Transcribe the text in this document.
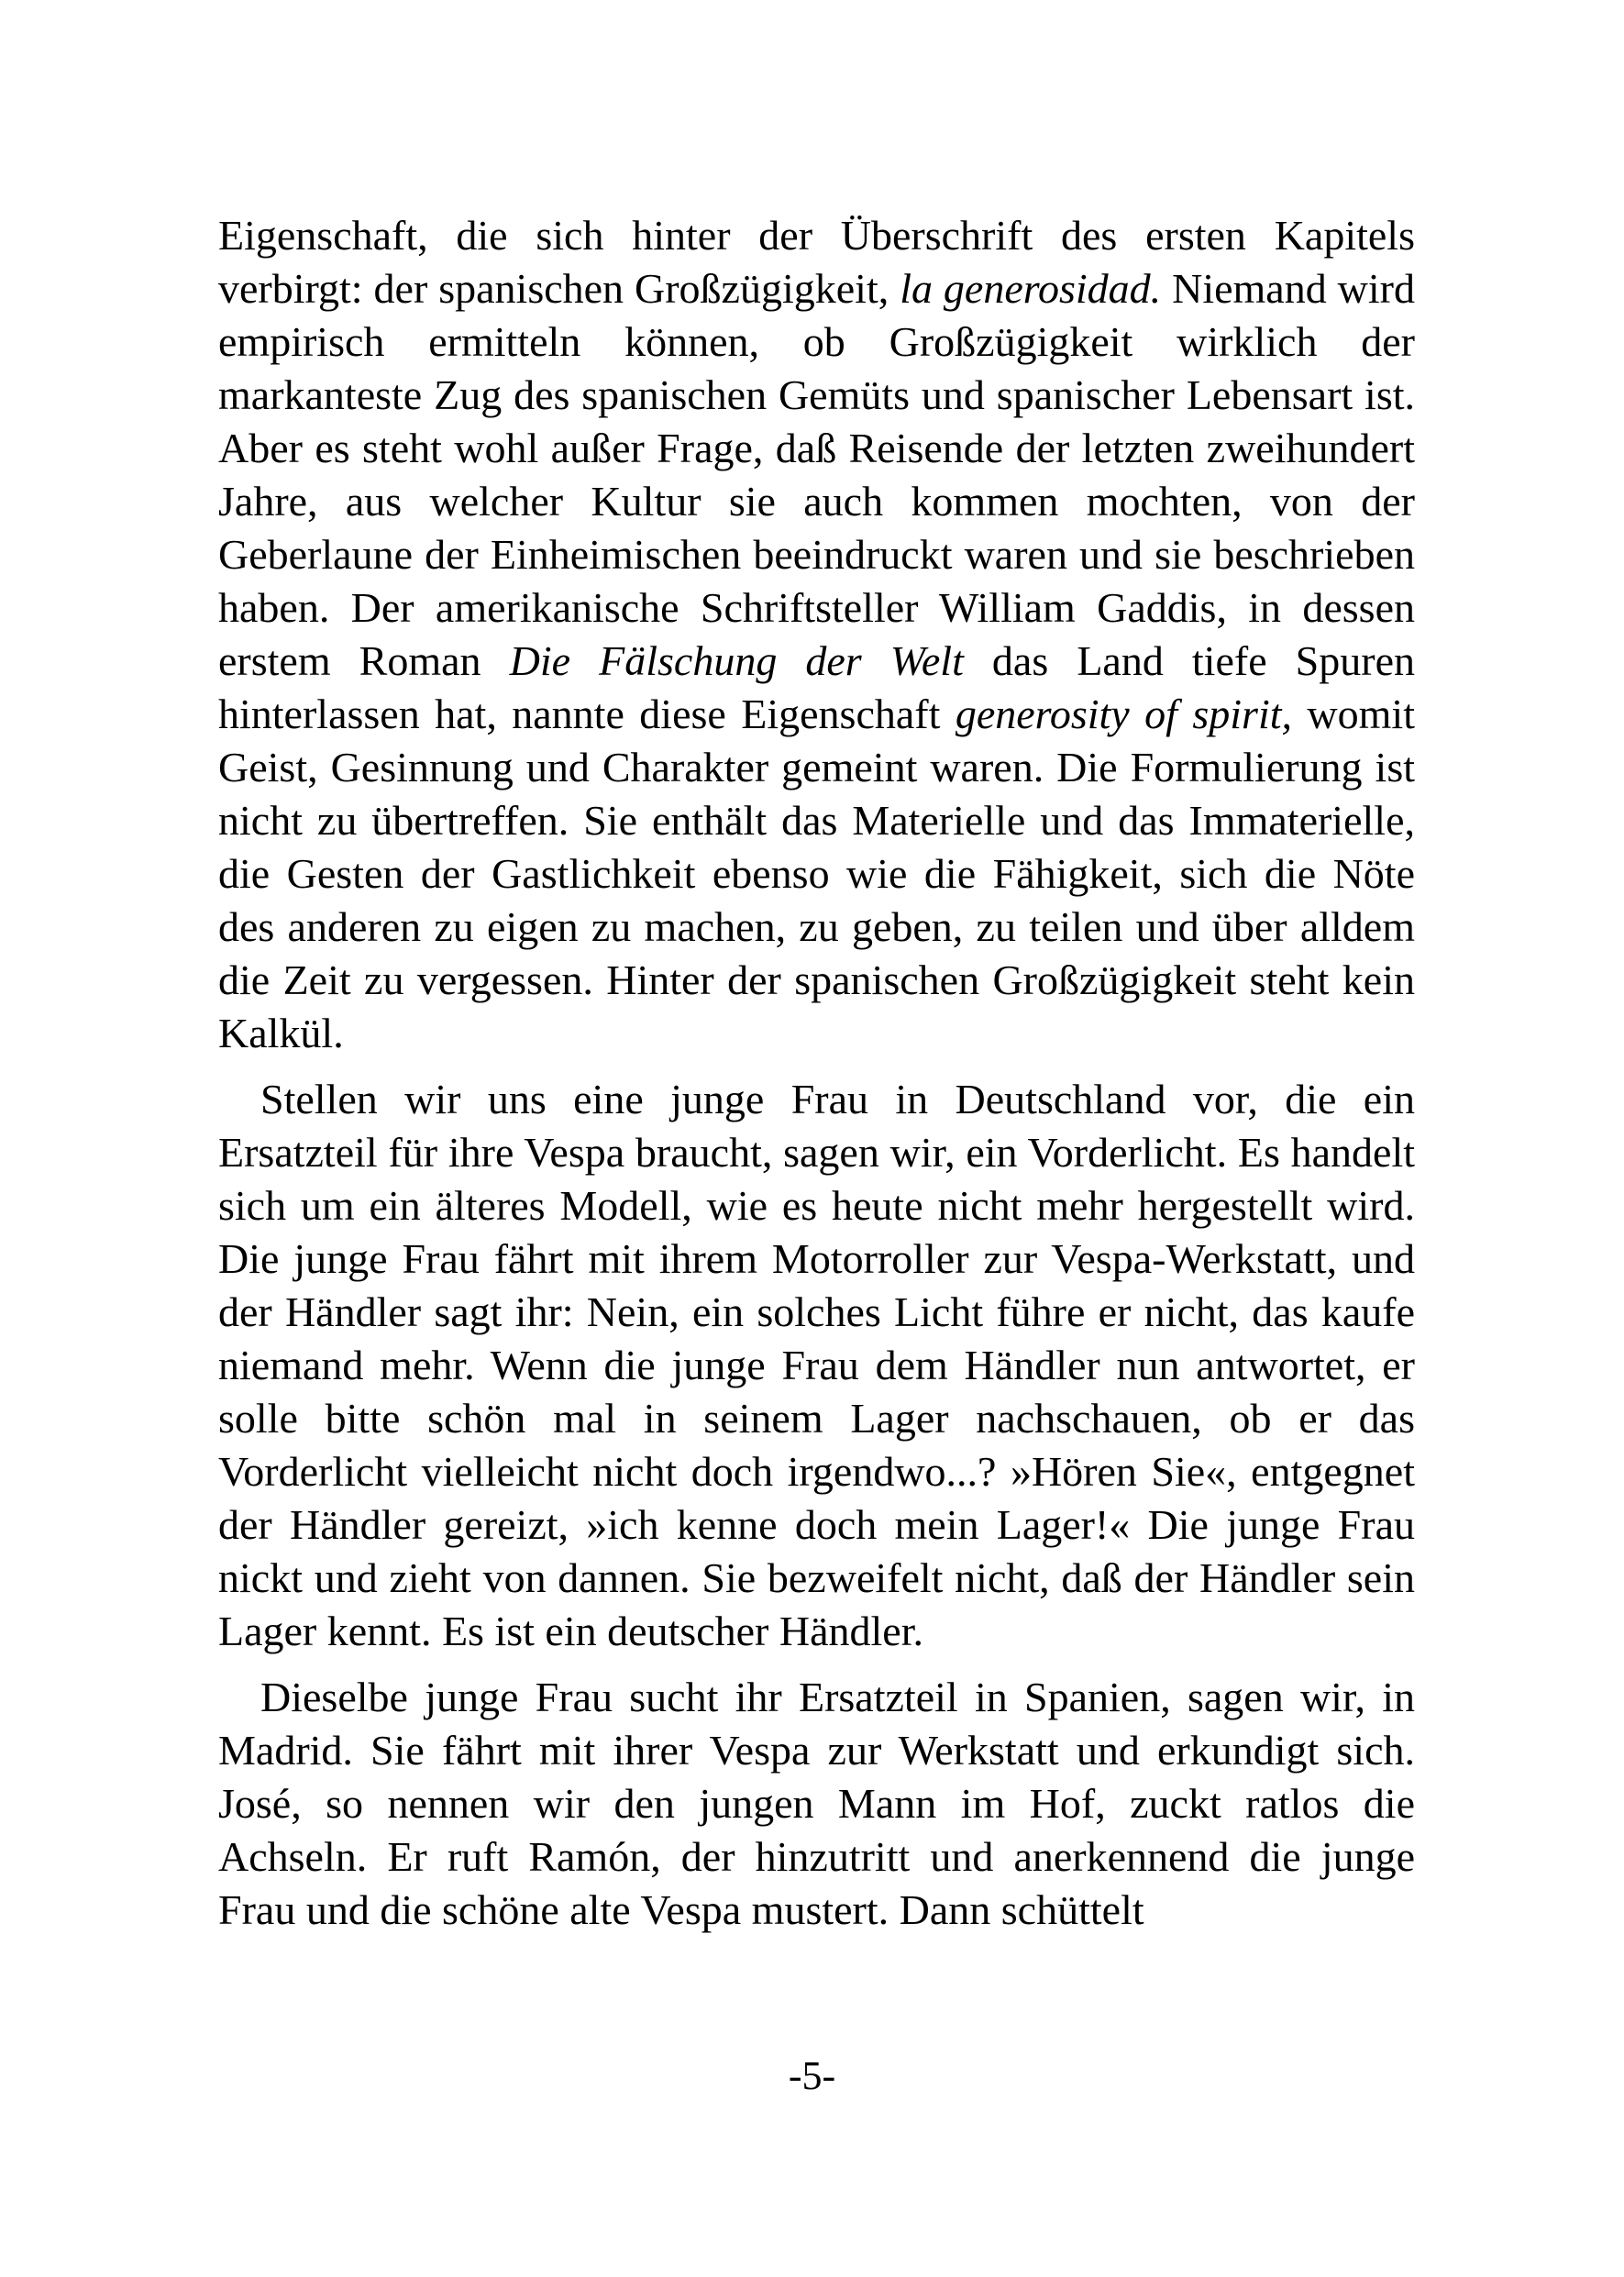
Eigenschaft, die sich hinter der Überschrift des ersten Kapitels verbirgt: der spanischen Großzügigkeit, la generosidad. Niemand wird empirisch ermitteln können, ob Großzügigkeit wirklich der markanteste Zug des spanischen Gemüts und spanischer Lebensart ist. Aber es steht wohl außer Frage, daß Reisende der letzten zweihundert Jahre, aus welcher Kultur sie auch kommen mochten, von der Geberlaune der Einheimischen beeindruckt waren und sie beschrieben haben. Der amerikanische Schriftsteller William Gaddis, in dessen erstem Roman Die Fälschung der Welt das Land tiefe Spuren hinterlassen hat, nannte diese Eigenschaft generosity of spirit, womit Geist, Gesinnung und Charakter gemeint waren. Die Formulierung ist nicht zu übertreffen. Sie enthält das Materielle und das Immaterielle, die Gesten der Gastlichkeit ebenso wie die Fähigkeit, sich die Nöte des anderen zu eigen zu machen, zu geben, zu teilen und über alldem die Zeit zu vergessen. Hinter der spanischen Großzügigkeit steht kein Kalkül.

Stellen wir uns eine junge Frau in Deutschland vor, die ein Ersatzteil für ihre Vespa braucht, sagen wir, ein Vorderlicht. Es handelt sich um ein älteres Modell, wie es heute nicht mehr hergestellt wird. Die junge Frau fährt mit ihrem Motorroller zur Vespa-Werkstatt, und der Händler sagt ihr: Nein, ein solches Licht führe er nicht, das kaufe niemand mehr. Wenn die junge Frau dem Händler nun antwortet, er solle bitte schön mal in seinem Lager nachschauen, ob er das Vorderlicht vielleicht nicht doch irgendwo...? »Hören Sie«, entgegnet der Händler gereizt, »ich kenne doch mein Lager!« Die junge Frau nickt und zieht von dannen. Sie bezweifelt nicht, daß der Händler sein Lager kennt. Es ist ein deutscher Händler.

Dieselbe junge Frau sucht ihr Ersatzteil in Spanien, sagen wir, in Madrid. Sie fährt mit ihrer Vespa zur Werkstatt und erkundigt sich. José, so nennen wir den jungen Mann im Hof, zuckt ratlos die Achseln. Er ruft Ramón, der hinzutritt und anerkennend die junge Frau und die schöne alte Vespa mustert. Dann schüttelt

-5-
